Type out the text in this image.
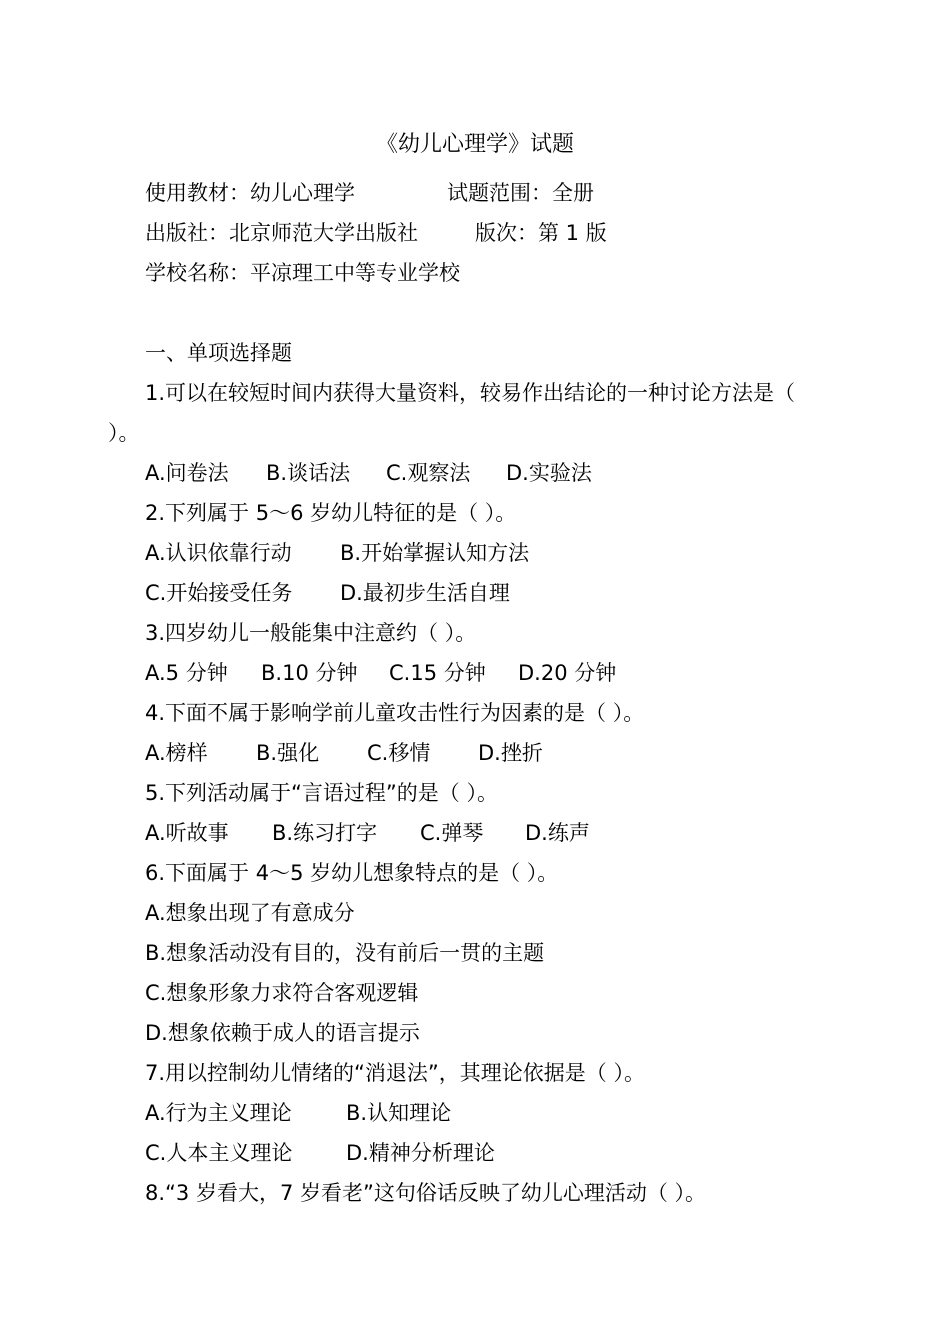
《幼儿心理学》试题
使用教材：幼儿心理学	试题范围：全册
出版社：北京师范大学出版社	版次：第 1 版
学校名称：平凉理工中等专业学校
一、单项选择题
1.可以在较短时间内获得大量资料，较易作出结论的一种讨论方法是（
）。
A.问卷法 B.谈话法 C.观察法 D.实验法
2.下列属于 5～6 岁幼儿特征的是（ ）。
A.认识依靠行动 B.开始掌握认知方法
C.开始接受任务 D.最初步生活自理
3.四岁幼儿一般能集中注意约（ ）。
A.5 分钟 B.10 分钟 C.15 分钟 D.20 分钟
4.下面不属于影响学前儿童攻击性行为因素的是（ ）。
A.榜样 B.强化 C.移情 D.挫折
5.下列活动属于“言语过程”的是（ ）。
A.听故事 B.练习打字 C.弹琴 D.练声
6.下面属于 4～5 岁幼儿想象特点的是（ ）。
A.想象出现了有意成分
B.想象活动没有目的，没有前后一贯的主题
C.想象形象力求符合客观逻辑
D.想象依赖于成人的语言提示
7.用以控制幼儿情绪的“消退法”，其理论依据是（ ）。
A.行为主义理论	B.认知理论
C.人本主义理论	D.精神分析理论
8.“3 岁看大，7 岁看老”这句俗话反映了幼儿心理活动（ ）。
